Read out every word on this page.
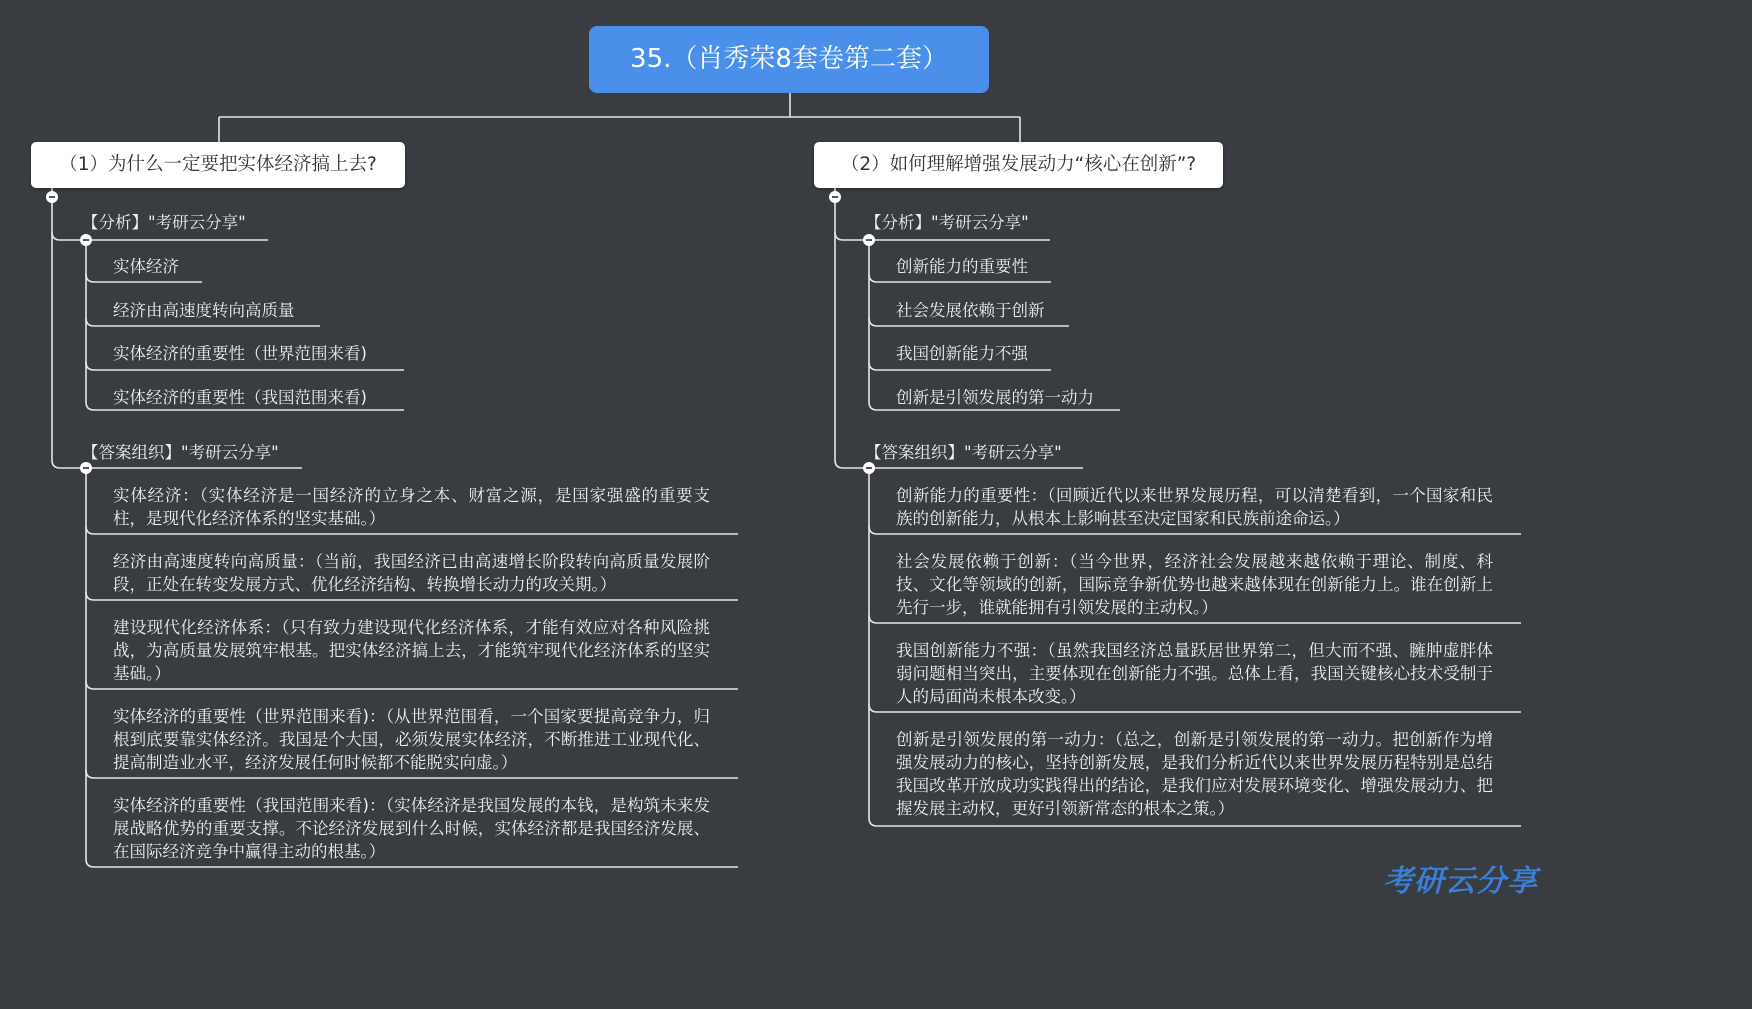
35.（肖秀荣8套卷第二套）
（1）为什么一定要把实体经济搞上去?
【分析】"考研云分享"
实体经济
经济由高速度转向高质量
实体经济的重要性（世界范围来看)
实体经济的重要性（我国范围来看)
【答案组织】"考研云分享"
实体经济：（实体经济是一国经济的立身之本、财富之源，是国家强盛的重要支柱，是现代化经济体系的坚实基础。）
经济由高速度转向高质量：（当前，我国经济已由高速增长阶段转向高质量发展阶段，正处在转变发展方式、优化经济结构、转换增长动力的攻关期。）
建设现代化经济体系：（只有致力建设现代化经济体系，才能有效应对各种风险挑战，为高质量发展筑牢根基。把实体经济搞上去，才能筑牢现代化经济体系的坚实基础。）
实体经济的重要性（世界范围来看)：（从世界范围看，一个国家要提高竞争力，归根到底要靠实体经济。我国是个大国，必须发展实体经济，不断推进工业现代化、提高制造业水平，经济发展任何时候都不能脱实向虚。）
实体经济的重要性（我国范围来看)：（实体经济是我国发展的本钱，是构筑未来发展战略优势的重要支撑。不论经济发展到什么时候，实体经济都是我国经济发展、在国际经济竞争中赢得主动的根基。）
（2）如何理解增强发展动力“核心在创新”?
【分析】"考研云分享"
创新能力的重要性
社会发展依赖于创新
我国创新能力不强
创新是引领发展的第一动力
【答案组织】"考研云分享"
创新能力的重要性：（回顾近代以来世界发展历程，可以清楚看到，一个国家和民族的创新能力，从根本上影响甚至决定国家和民族前途命运。）
社会发展依赖于创新：（当今世界，经济社会发展越来越依赖于理论、制度、科技、文化等领域的创新，国际竞争新优势也越来越体现在创新能力上。谁在创新上先行一步，谁就能拥有引领发展的主动权。）
我国创新能力不强：（虽然我国经济总量跃居世界第二，但大而不强、臃肿虚胖体弱问题相当突出，主要体现在创新能力不强。总体上看，我国关键核心技术受制于人的局面尚未根本改变。）
创新是引领发展的第一动力：（总之，创新是引领发展的第一动力。把创新作为增强发展动力的核心，坚持创新发展，是我们分析近代以来世界发展历程特别是总结我国改革开放成功实践得出的结论，是我们应对发展环境变化、增强发展动力、把握发展主动权，更好引领新常态的根本之策。）
考研云分享
